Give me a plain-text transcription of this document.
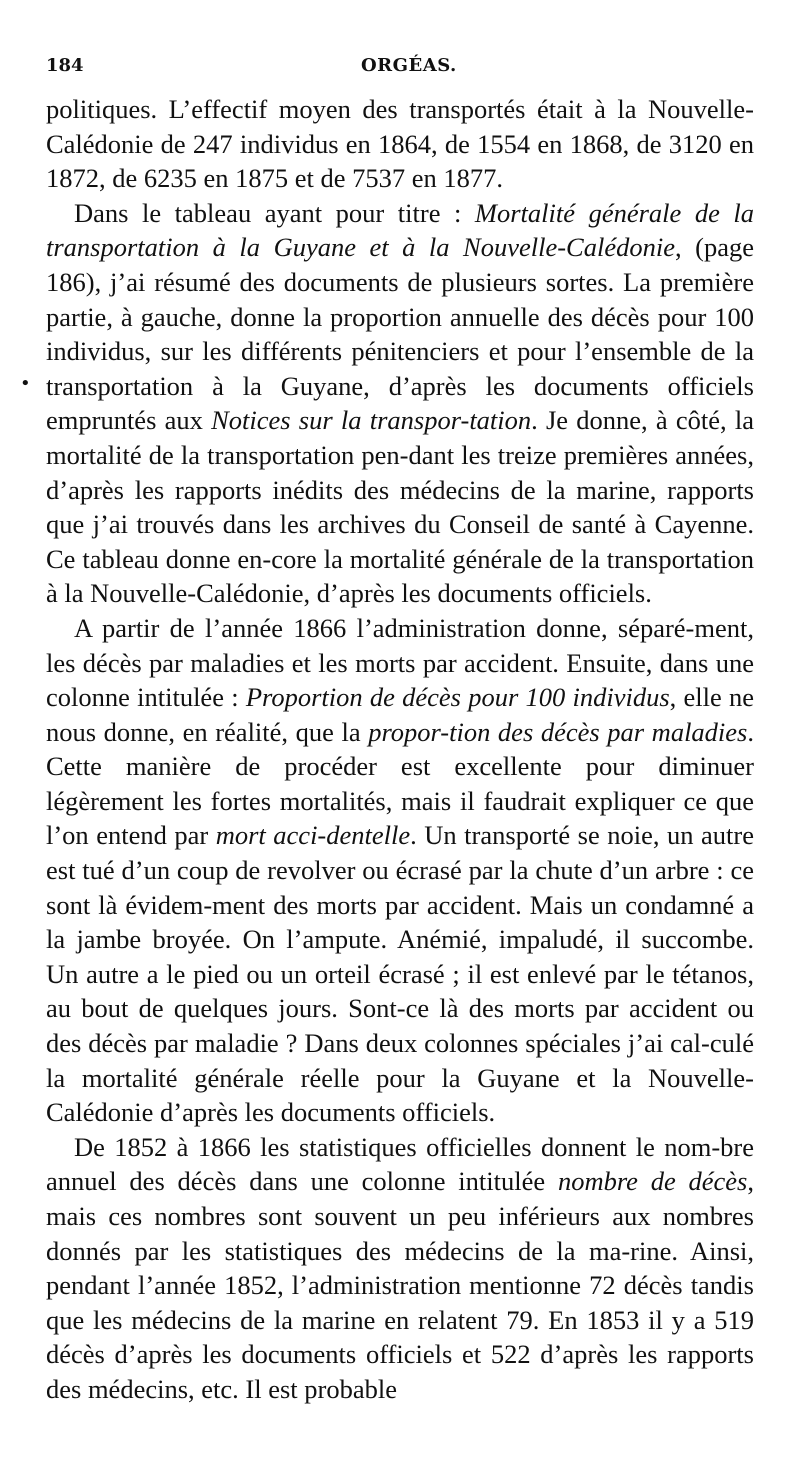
184	ORGÉAS.
•

politiques. L’effectif moyen des transportés était à la Nouvelle-Calédonie de 247 individus en 1864, de 1554 en 1868, de 3120 en 1872, de 6235 en 1875 et de 7537 en 1877.

Dans le tableau ayant pour titre : Mortalité générale de la transportation à la Guyane et à la Nouvelle-Calédonie, (page 186), j’ai résumé des documents de plusieurs sortes. La première partie, à gauche, donne la proportion annuelle des décès pour 100 individus, sur les différents pénitenciers et pour l’ensemble de la transportation à la Guyane, d’après les documents officiels empruntés aux Notices sur la transpor-tation. Je donne, à côté, la mortalité de la transportation pen-dant les treize premières années, d’après les rapports inédits des médecins de la marine, rapports que j’ai trouvés dans les archives du Conseil de santé à Cayenne. Ce tableau donne en-core la mortalité générale de la transportation à la Nouvelle-Calédonie, d’après les documents officiels.

A partir de l’année 1866 l’administration donne, séparé-ment, les décès par maladies et les morts par accident. Ensuite, dans une colonne intitulée : Proportion de décès pour 100 individus, elle ne nous donne, en réalité, que la propor-tion des décès par maladies. Cette manière de procéder est excellente pour diminuer légèrement les fortes mortalités, mais il faudrait expliquer ce que l’on entend par mort acci-dentelle. Un transporté se noie, un autre est tué d’un coup de revolver ou écrasé par la chute d’un arbre : ce sont là évidem-ment des morts par accident. Mais un condamné a la jambe broyée. On l’ampute. Anémié, impaludé, il succombe. Un autre a le pied ou un orteil écrasé ; il est enlevé par le tétanos, au bout de quelques jours. Sont-ce là des morts par accident ou des décès par maladie ? Dans deux colonnes spéciales j’ai cal-culé la mortalité générale réelle pour la Guyane et la Nouvelle-Calédonie d’après les documents officiels.

De 1852 à 1866 les statistiques officielles donnent le nom-bre annuel des décès dans une colonne intitulée nombre de décès, mais ces nombres sont souvent un peu inférieurs aux nombres donnés par les statistiques des médecins de la ma-rine. Ainsi, pendant l’année 1852, l’administration mentionne 72 décès tandis que les médecins de la marine en relatent 79. En 1853 il y a 519 décès d’après les documents officiels et 522 d’après les rapports des médecins, etc. Il est probable
